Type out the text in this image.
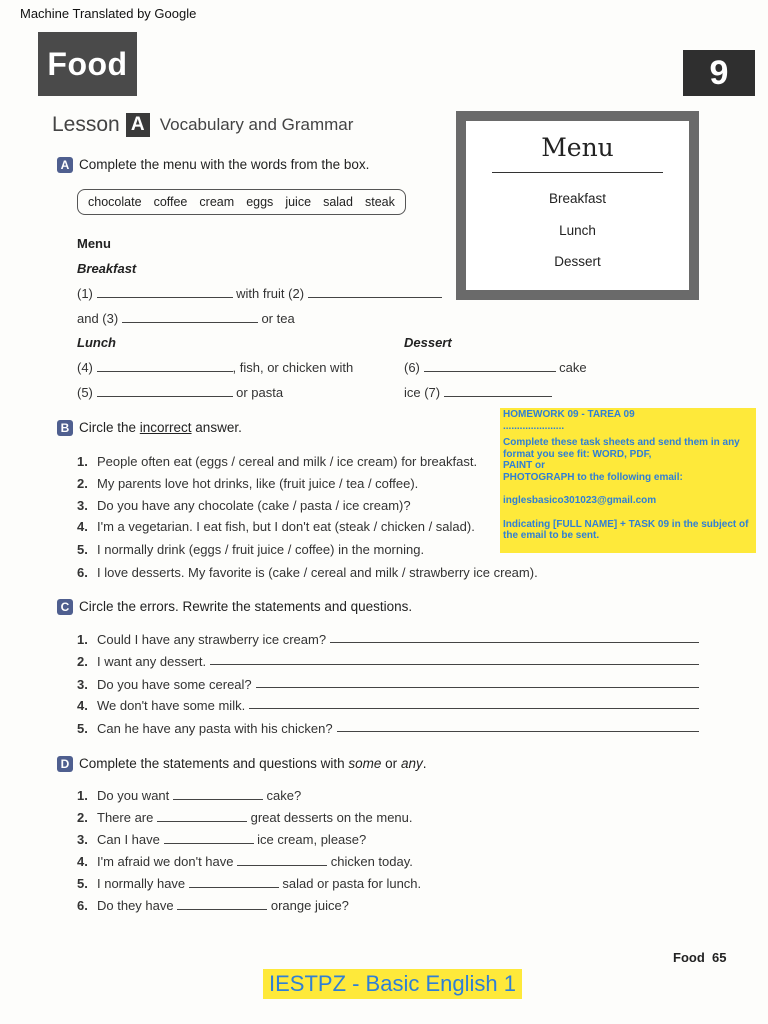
Machine Translated by Google
Food	9
Lesson A Vocabulary and Grammar
A Complete the menu with the words from the box.
chocolate coffee cream eggs juice salad steak
Menu
Breakfast
(1)	with fruit (2)
and (3)	or tea
Lunch	Dessert
(4)	, fish, or chicken with
(5)	or pasta
(6)	cake
ice (7)
Menu
Breakfast
Lunch
Dessert
B Circle the incorrect answer.
1. People often eat (eggs / cereal and milk / ice cream) for breakfast.
2. My parents love hot drinks, like (fruit juice / tea / coffee).
3. Do you have any chocolate (cake / pasta / ice cream)?
4. I'm a vegetarian. I eat fish, but I don't eat (steak / chicken / salad).
5. I normally drink (eggs / fruit juice / coffee) in the morning.
6. I love desserts. My favorite is (cake / cereal and milk / strawberry ice cream).

HOMEWORK 09 - TAREA 09

......................

Complete these task sheets and send them in any format you see fit: WORD, PDF,

PAINT or

PHOTOGRAPH to the following email:

inglesbasico301023@gmail.com

Indicating [FULL NAME] + TASK 09 in the subject of the email to be sent.

C Circle the errors. Rewrite the statements and questions.
1. Could I have any strawberry ice cream?
2. I want any dessert.
3. Do you have some cereal?
4. We don't have some milk.
5. Can he have any pasta with his chicken?
D Complete the statements and questions with some or any.
1. Do you want	cake?
2. There are	great desserts on the menu.
3. Can I have	ice cream, please?
4. I'm afraid we don't have	chicken today.
5. I normally have	salad or pasta for lunch.
6. Do they have	orange juice?
Food 65
IESTPZ - Basic English 1
